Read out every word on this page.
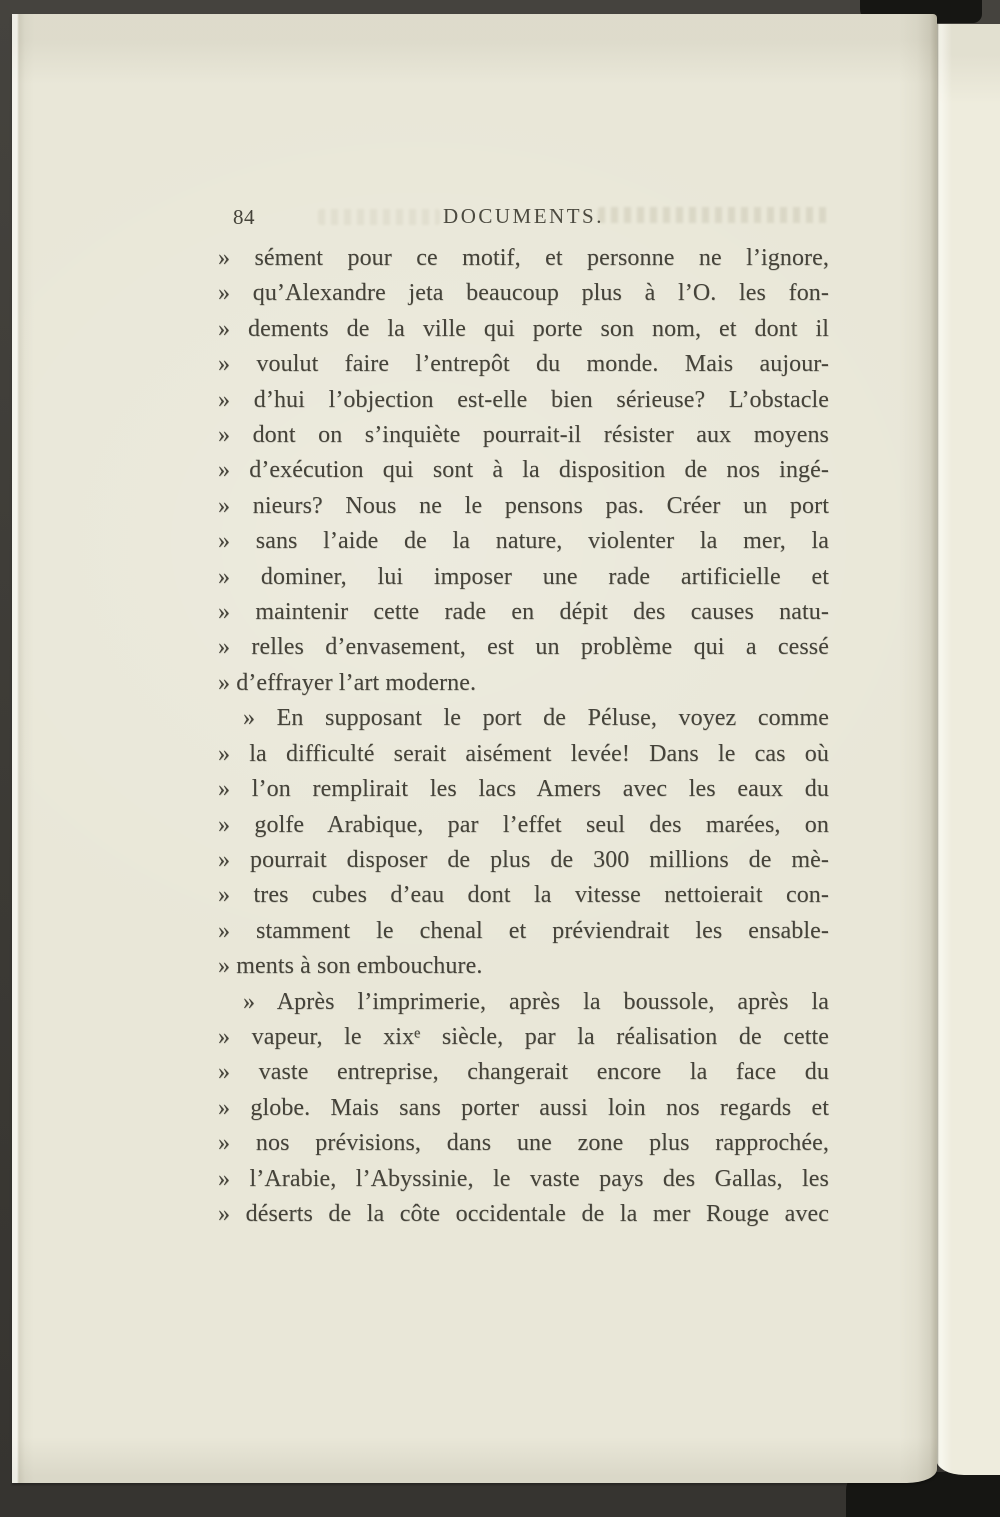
84	DOCUMENTS.
» sément pour ce motif, et personne ne l’ignore,
» qu’Alexandre jeta beaucoup plus à l’O. les fon-
» dements de la ville qui porte son nom, et dont il
» voulut faire l’entrepôt du monde. Mais aujour-
» d’hui l’objection est-elle bien sérieuse? L’obstacle
» dont on s’inquiète pourrait-il résister aux moyens
» d’exécution qui sont à la disposition de nos ingé-
» nieurs? Nous ne le pensons pas. Créer un port
» sans l’aide de la nature, violenter la mer, la
» dominer, lui imposer une rade artificielle et
» maintenir cette rade en dépit des causes natu-
» relles d’envasement, est un problème qui a cessé
» d’effrayer l’art moderne.
» En supposant le port de Péluse, voyez comme
» la difficulté serait aisément levée! Dans le cas où
» l’on remplirait les lacs Amers avec les eaux du
» golfe Arabique, par l’effet seul des marées, on
» pourrait disposer de plus de 300 millions de mè-
» tres cubes d’eau dont la vitesse nettoierait con-
» stamment le chenal et préviendrait les ensable-
» ments à son embouchure.
» Après l’imprimerie, après la boussole, après la
» vapeur, le xixᵉ siècle, par la réalisation de cette
» vaste entreprise, changerait encore la face du
» globe. Mais sans porter aussi loin nos regards et
» nos prévisions, dans une zone plus rapprochée,
» l’Arabie, l’Abyssinie, le vaste pays des Gallas, les
» déserts de la côte occidentale de la mer Rouge avec
